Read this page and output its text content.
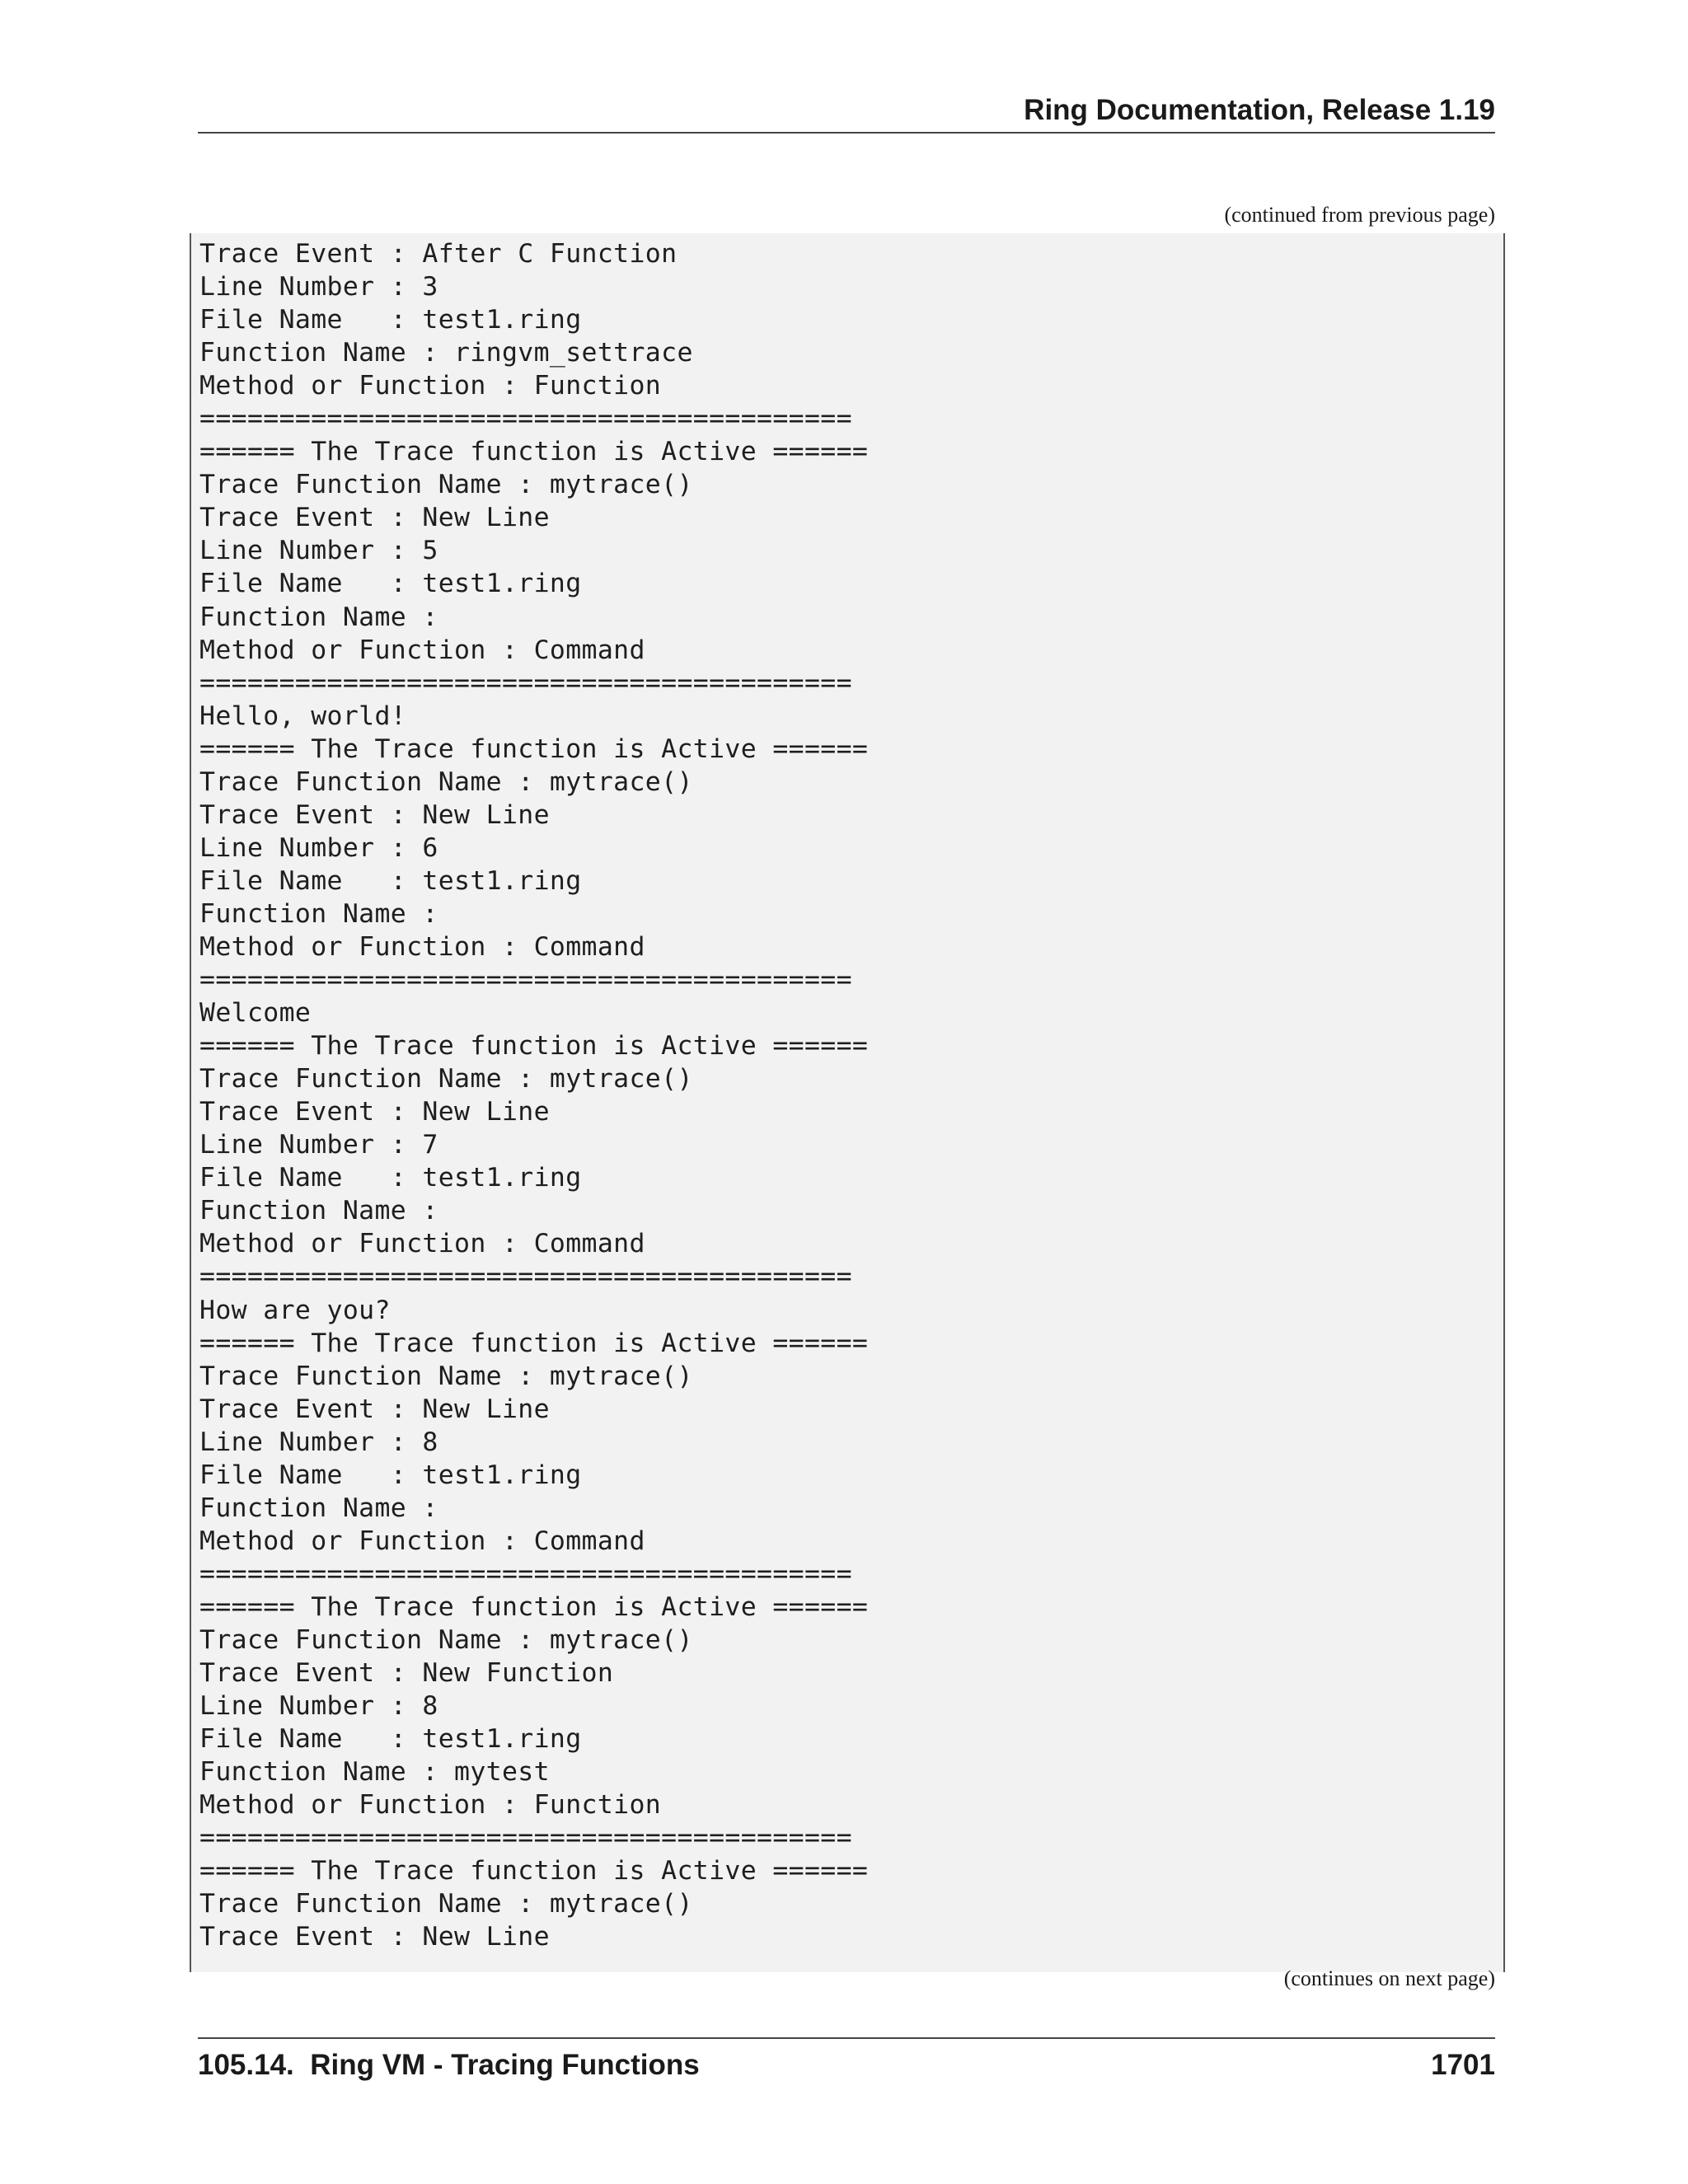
Ring Documentation, Release 1.19
(continued from previous page)
Trace Event : After C Function
Line Number : 3
File Name   : test1.ring
Function Name : ringvm_settrace
Method or Function : Function
=========================================
====== The Trace function is Active ======
Trace Function Name : mytrace()
Trace Event : New Line
Line Number : 5
File Name   : test1.ring
Function Name :
Method or Function : Command
=========================================
Hello, world!
====== The Trace function is Active ======
Trace Function Name : mytrace()
Trace Event : New Line
Line Number : 6
File Name   : test1.ring
Function Name :
Method or Function : Command
=========================================
Welcome
====== The Trace function is Active ======
Trace Function Name : mytrace()
Trace Event : New Line
Line Number : 7
File Name   : test1.ring
Function Name :
Method or Function : Command
=========================================
How are you?
====== The Trace function is Active ======
Trace Function Name : mytrace()
Trace Event : New Line
Line Number : 8
File Name   : test1.ring
Function Name :
Method or Function : Command
=========================================
====== The Trace function is Active ======
Trace Function Name : mytrace()
Trace Event : New Function
Line Number : 8
File Name   : test1.ring
Function Name : mytest
Method or Function : Function
=========================================
====== The Trace function is Active ======
Trace Function Name : mytrace()
Trace Event : New Line
(continues on next page)
105.14.  Ring VM - Tracing Functions	1701
